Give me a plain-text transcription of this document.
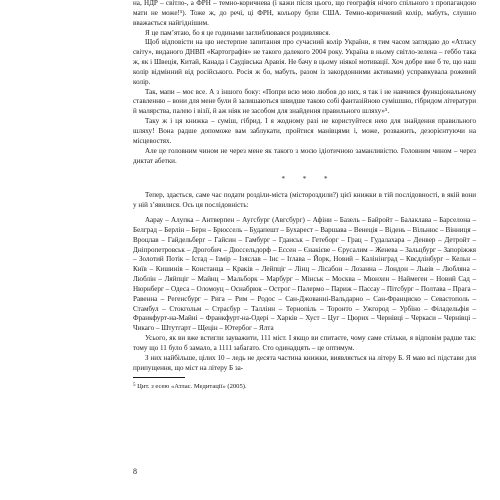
на, НДР – світло-, а ФРН – темно-коричнева (і кажи після цього, що географія нічого спільного з пропагандою мати не може!⁵). Тоже ж, до речі, ці ФРН, кольору були США. Темно-коричневий колір, мабуть, слушно вважається найгіднішим.

Я це пам’ятаю, бо я це годинами заглиблювався роздивлявся.

Щоб відповісти на цю нестерпне запитання про сучасний колір України, я тим часом заглядаю до «Атласу світу», виданого ДНВП «Картографія» не такого далекого 2004 року. Україна в ньому світло-зелена – геббо така ж, як і Швеція, Китай, Канада і Саудівська Аравія. Не бачу в цьому ніякої мотивації. Хоч добре вже б те, що наш колір відмінний від російського. Росія ж бо, мабуть, разом із закордонними активами) усправкувала рожевий колір.

Так, мапи – моє все. А з іншого боку: «Попри всю мою любов до них, я так і не навчився функціональному ставленню – вони для мене були й залишаються швидше такою собі фантазійною сумішшю, гібридом літератури й малярства, палею і візії, й аж ніяк не засобом для знайдення правильного шляху»⁵.

Таку ж і ця книжка – суміш, гібрид. І я жодному разі не користуйтеся нею для знайдення правильного шляху! Вона радше допоможе вам заблукати, пройтися манівцями і, може, розважить, дезорієнтуючи на місцевостях.

Але це головним чином не через мене як такого з моєю ідіотичною заманливістю. Головним чином – через диктат абетки.

* * *

Тепер, здається, саме час подати розділи-міста (містороздили?) цієї книжки в тій послідовності, в якій вони у ній з’явилися. Ось ця послідовність:

Аарау – Алупка – Антверпен – Аугсбург (Авгсбург) – Афіни – Базель – Байройт – Балаклава – Барселона – Белград – Берлін – Берн – Брюссель – Будапешт – Бухарест – Варшава – Венеція – Відень – Вільнюс – Вінниця – Вроцлав – Гайдельберг – Гайсин – Гамбург – Гданськ – Гетеборг – Грац – Гудалахара – Денвер – Детройт – Дніпропетровськ – Дрогобич – Дюссельдорф – Ессен – Єнакієве – Єрусалим – Женева – Зальцбург – Запоріжжя – Золотий Потік – Істад – Ізмір – Ізяслав – Інс – Іґлава – Йорк, Новий – Калінінград – Квєдлінбург – Кельн – Київ – Кишинів – Констанца – Краків – Лейпціг – Лінц – Лісабон – Лозанна – Лондон – Львів – Любляна – Люблін – Ляйпціг – Майнц – Мальборк – Марбург – Мінськ – Москва – Мюнхен – Наймеген – Новий Сад – Нюрнберг – Одеса – Оломоуц – Оснабрюк – Острог – Палермо – Париж – Пассау – Пітсбург – Полтава – Прага – Равенна – Регенсбург – Рига – Рим – Родос – Сан-Джованні-Вальдарно – Сан-Франциско – Севастополь – Стамбул – Стокгольм – Страсбур – Таллінн – Тернопіль – Торонто – Ужгород – Урбіно – Філадельфія – Франкфурт-на-Майні – Франкфурт-на-Одері – Харків – Хуст – Цуг – Цюрих – Чернівці – Черкаси – Чернівці – Чикаго – Штутгарт – Щецін – Ютербог – Ялта

Усього, як ви вже встигли зауважити, 111 міст. І якщо ви спитаєте, чому саме стільки, я відповім радше так: тому що 11 було б замало, а 1111 забагато. Сто одинадцять – це оптимум.

З них найбільше, цілих 10 – ледь не десята частина книжки, виявляється на літеру Б. Я маю всі підстави для припущення, що міст на літеру Б за-

$^5$ Цит. з есею «Атлас. Медитації» (2005).

8
